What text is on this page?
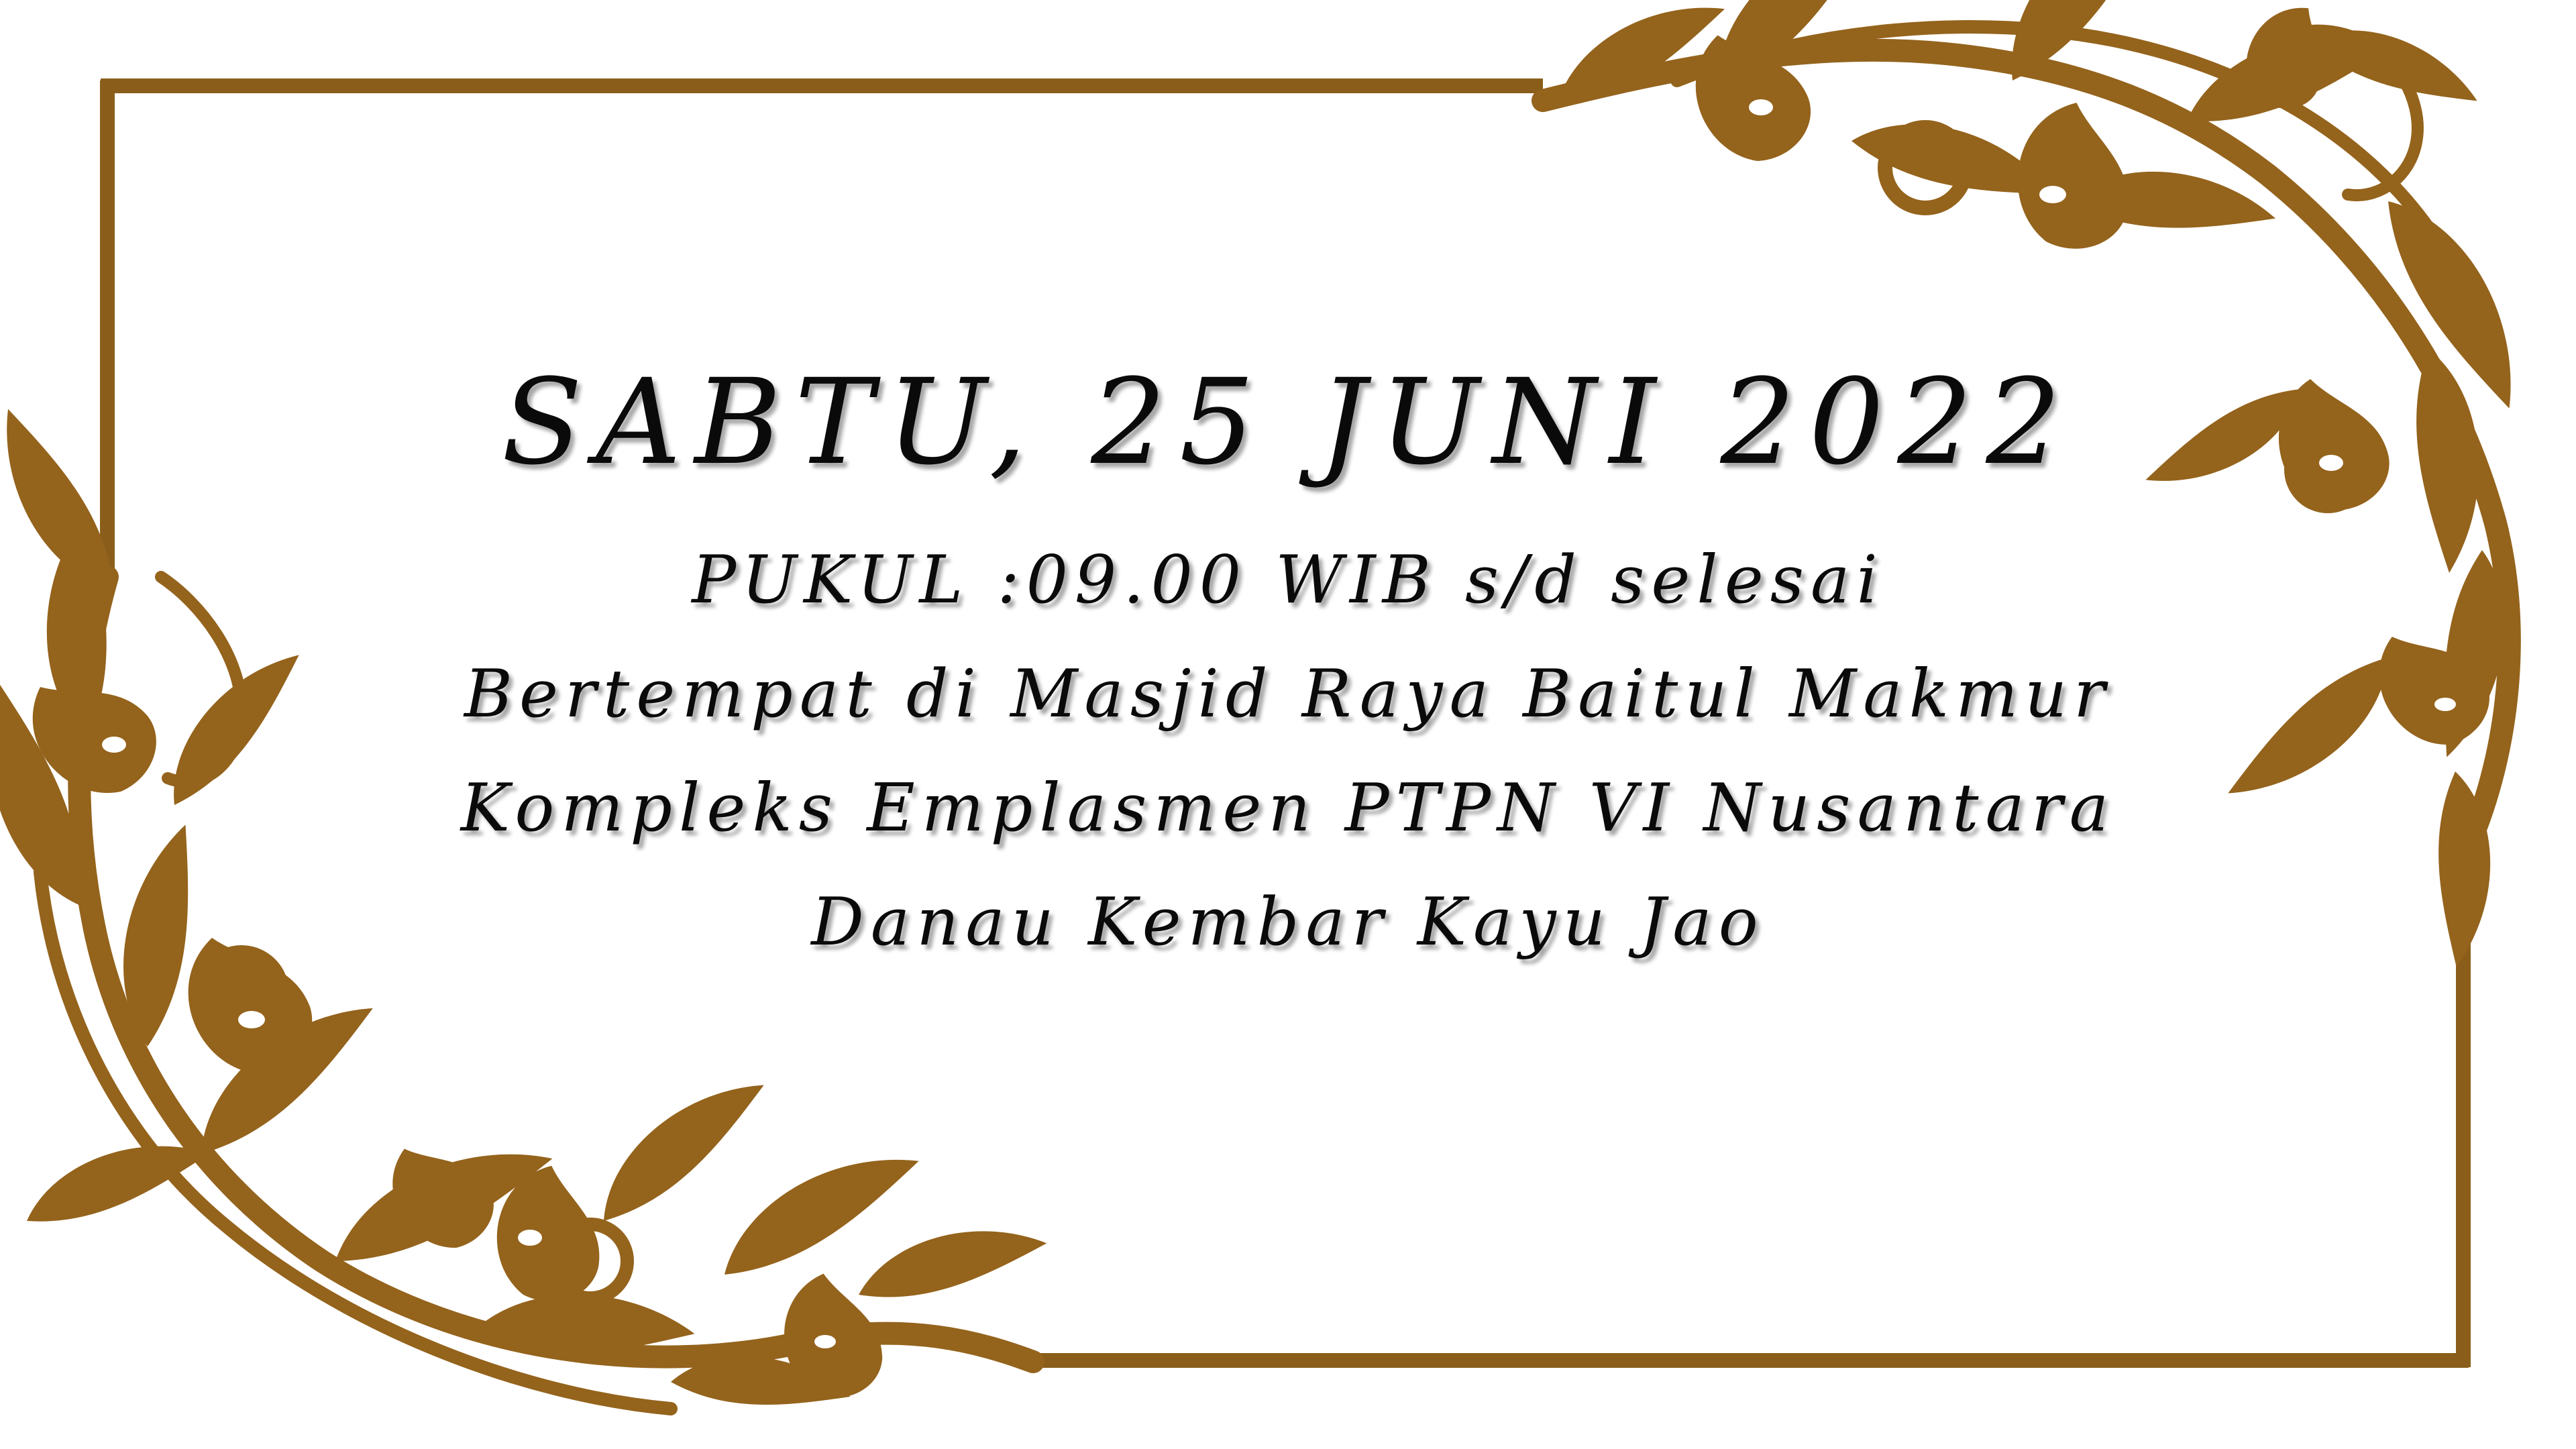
SABTU, 25 JUNI 2022
PUKUL :09.00 WIB s/d selesai
Bertempat di Masjid Raya Baitul Makmur
Kompleks Emplasmen PTPN VI Nusantara
Danau Kembar Kayu Jao
